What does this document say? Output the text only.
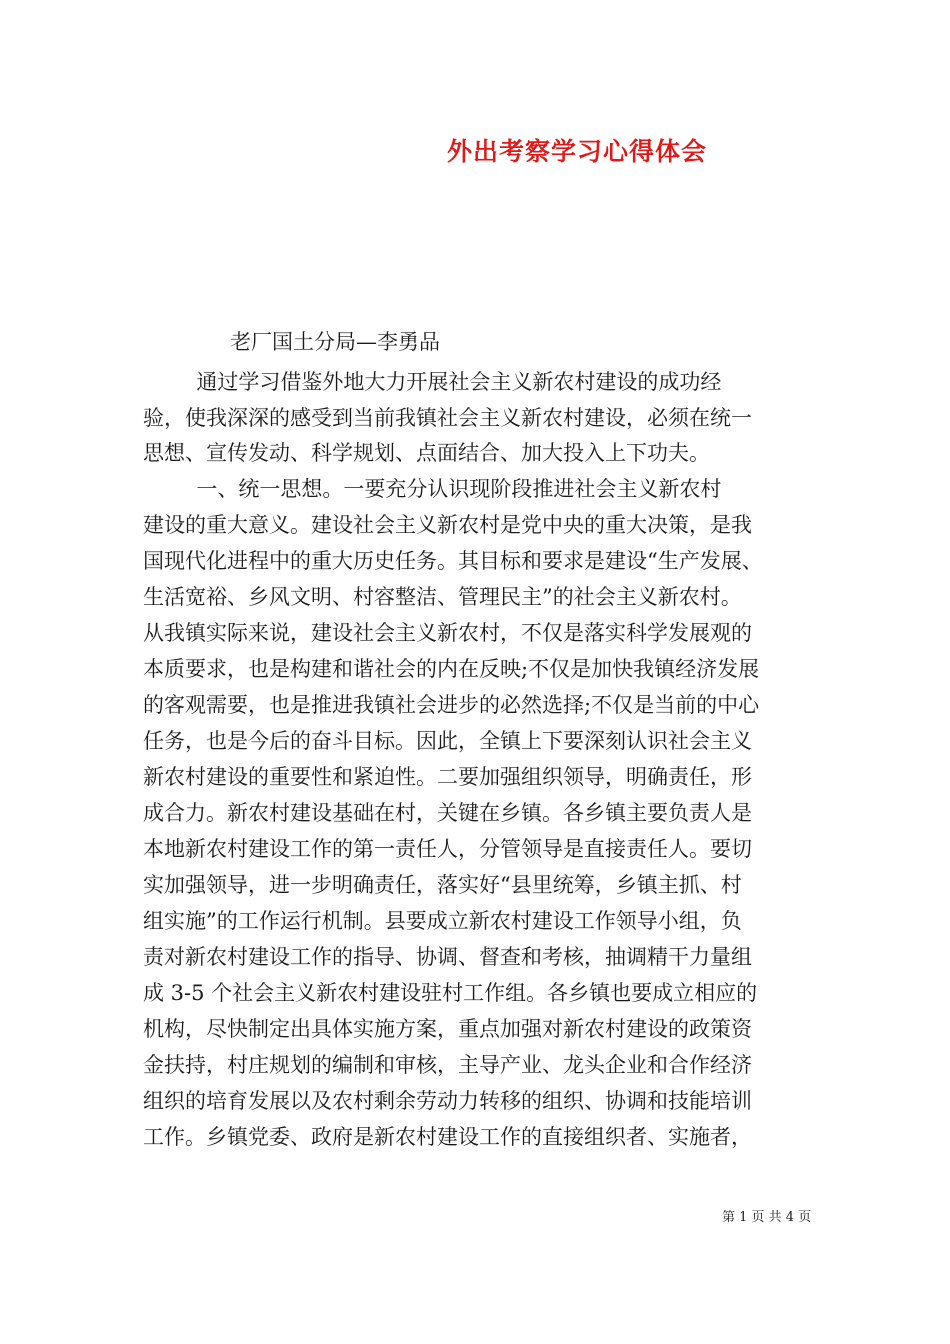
外出考察学习心得体会
老厂国土分局—李勇品
通过学习借鉴外地大力开展社会主义新农村建设的成功经
验，使我深深的感受到当前我镇社会主义新农村建设，必须在统一
思想、宣传发动、科学规划、点面结合、加大投入上下功夫。
一、统一思想。一要充分认识现阶段推进社会主义新农村
建设的重大意义。建设社会主义新农村是党中央的重大决策，是我
国现代化进程中的重大历史任务。其目标和要求是建设“生产发展、
生活宽裕、乡风文明、村容整洁、管理民主”的社会主义新农村。
从我镇实际来说，建设社会主义新农村，不仅是落实科学发展观的
本质要求，也是构建和谐社会的内在反映;不仅是加快我镇经济发展
的客观需要，也是推进我镇社会进步的必然选择;不仅是当前的中心
任务，也是今后的奋斗目标。因此，全镇上下要深刻认识社会主义
新农村建设的重要性和紧迫性。二要加强组织领导，明确责任，形
成合力。新农村建设基础在村，关键在乡镇。各乡镇主要负责人是
本地新农村建设工作的第一责任人，分管领导是直接责任人。要切
实加强领导，进一步明确责任，落实好“县里统筹，乡镇主抓、村
组实施”的工作运行机制。县要成立新农村建设工作领导小组，负
责对新农村建设工作的指导、协调、督查和考核，抽调精干力量组
成 3-5 个社会主义新农村建设驻村工作组。各乡镇也要成立相应的
机构，尽快制定出具体实施方案，重点加强对新农村建设的政策资
金扶持，村庄规划的编制和审核，主导产业、龙头企业和合作经济
组织的培育发展以及农村剩余劳动力转移的组织、协调和技能培训
工作。乡镇党委、政府是新农村建设工作的直接组织者、实施者，
第 1 页 共 4 页
